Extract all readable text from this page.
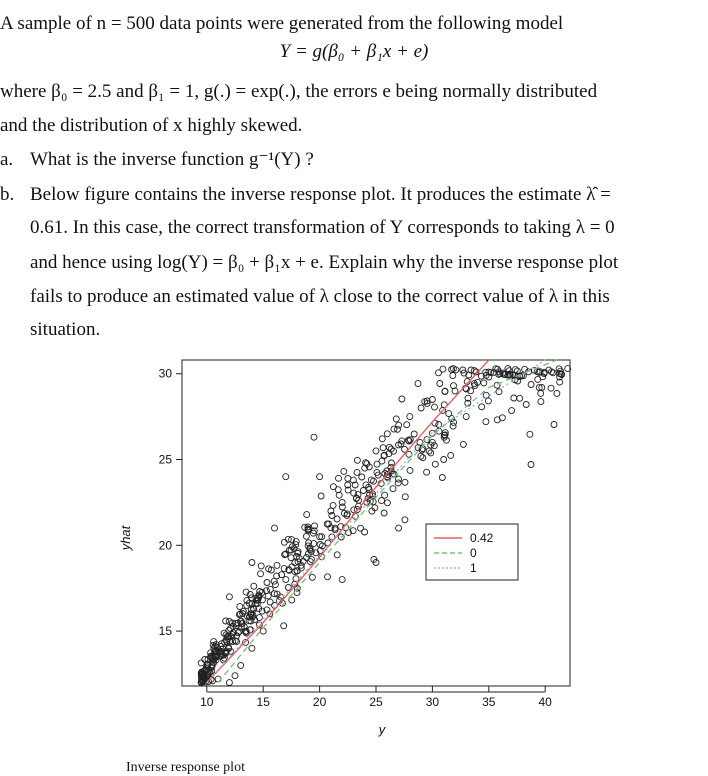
A sample of n = 500 data points were generated from the following model
Y = g(β₀ + β₁x + e)
where β₀ = 2.5 and β₁ = 1, g(.) = exp(.), the errors e being normally distributed
and the distribution of x highly skewed.
a. What is the inverse function g⁻¹(Y) ?
b. Below figure contains the inverse response plot. It produces the estimate λ̂ =
0.61. In this case, the correct transformation of Y corresponds to taking λ = 0
and hence using log(Y) = β₀ + β₁x + e. Explain why the inverse response plot
fails to produce an estimated value of λ close to the correct value of λ in this
situation.
10	15	20	25	30	35	40
15
20
25
30
yhat
y
0.42
0
1
Inverse response plot
